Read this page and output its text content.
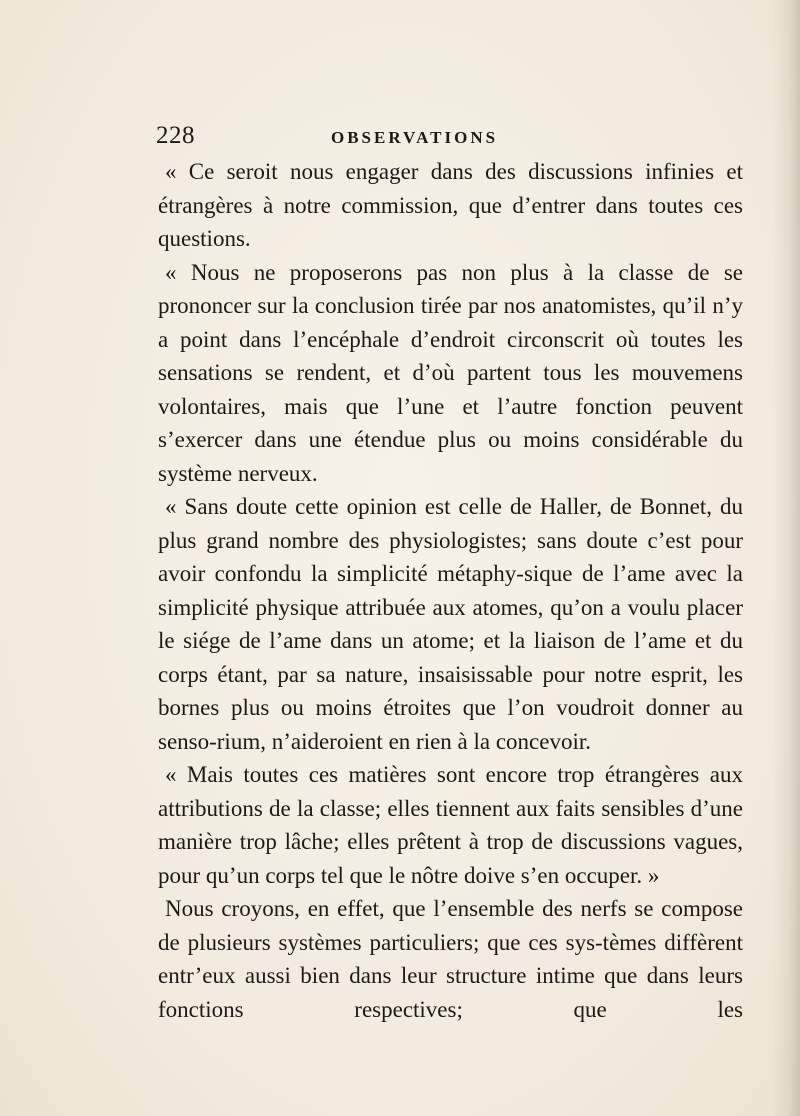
228	OBSERVATIONS

« Ce seroit nous engager dans des discussions infinies et étrangères à notre commission, que d’entrer dans toutes ces questions.

« Nous ne proposerons pas non plus à la classe de se prononcer sur la conclusion tirée par nos anatomistes, qu’il n’y a point dans l’encéphale d’endroit circonscrit où toutes les sensations se rendent, et d’où partent tous les mouvemens volontaires, mais que l’une et l’autre fonction peuvent s’exercer dans une étendue plus ou moins considérable du système nerveux.

« Sans doute cette opinion est celle de Haller, de Bonnet, du plus grand nombre des physiologistes; sans doute c’est pour avoir confondu la simplicité métaphy-sique de l’ame avec la simplicité physique attribuée aux atomes, qu’on a voulu placer le siége de l’ame dans un atome; et la liaison de l’ame et du corps étant, par sa nature, insaisissable pour notre esprit, les bornes plus ou moins étroites que l’on voudroit donner au senso-rium, n’aideroient en rien à la concevoir.

« Mais toutes ces matières sont encore trop étrangères aux attributions de la classe; elles tiennent aux faits sensibles d’une manière trop lâche; elles prêtent à trop de discussions vagues, pour qu’un corps tel que le nôtre doive s’en occuper. »

Nous croyons, en effet, que l’ensemble des nerfs se compose de plusieurs systèmes particuliers; que ces sys-tèmes diffèrent entr’eux aussi bien dans leur structure intime que dans leurs fonctions respectives; que les
